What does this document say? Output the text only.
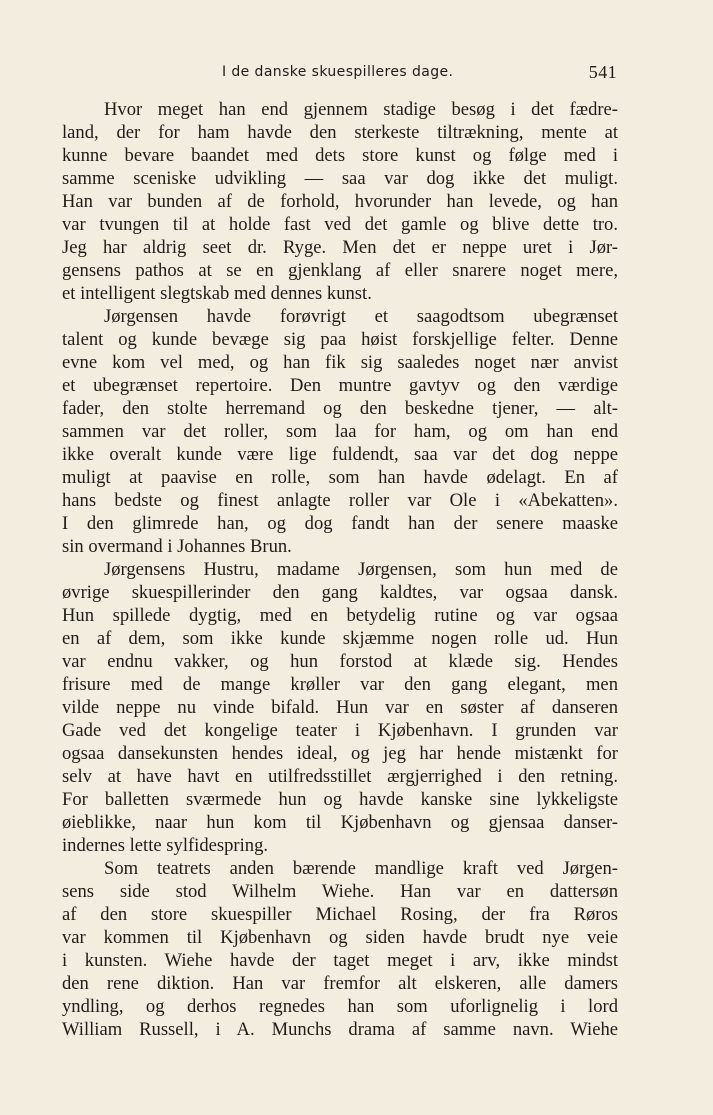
I de danske skuespilleres dage.	541
Hvor meget han end gjennem stadige besøg i det fædre-
land, der for ham havde den sterkeste tiltrækning, mente at
kunne bevare baandet med dets store kunst og følge med i
samme sceniske udvikling — saa var dog ikke det muligt.
Han var bunden af de forhold, hvorunder han levede, og han
var tvungen til at holde fast ved det gamle og blive dette tro.
Jeg har aldrig seet dr. Ryge. Men det er neppe uret i Jør-
gensens pathos at se en gjenklang af eller snarere noget mere,
et intelligent slegtskab med dennes kunst.
Jørgensen havde forøvrigt et saagodtsom ubegrænset
talent og kunde bevæge sig paa høist forskjellige felter. Denne
evne kom vel med, og han fik sig saaledes noget nær anvist
et ubegrænset repertoire. Den muntre gavtyv og den værdige
fader, den stolte herremand og den beskedne tjener, — alt-
sammen var det roller, som laa for ham, og om han end
ikke overalt kunde være lige fuldendt, saa var det dog neppe
muligt at paavise en rolle, som han havde ødelagt. En af
hans bedste og finest anlagte roller var Ole i «Abekatten».
I den glimrede han, og dog fandt han der senere maaske
sin overmand i Johannes Brun.
Jørgensens Hustru, madame Jørgensen, som hun med de
øvrige skuespillerinder den gang kaldtes, var ogsaa dansk.
Hun spillede dygtig, med en betydelig rutine og var ogsaa
en af dem, som ikke kunde skjæmme nogen rolle ud. Hun
var endnu vakker, og hun forstod at klæde sig. Hendes
frisure med de mange krøller var den gang elegant, men
vilde neppe nu vinde bifald. Hun var en søster af danseren
Gade ved det kongelige teater i Kjøbenhavn. I grunden var
ogsaa dansekunsten hendes ideal, og jeg har hende mistænkt for
selv at have havt en utilfredsstillet ærgjerrighed i den retning.
For balletten sværmede hun og havde kanske sine lykkeligste
øieblikke, naar hun kom til Kjøbenhavn og gjensaa danser-
indernes lette sylfidespring.
Som teatrets anden bærende mandlige kraft ved Jørgen-
sens side stod Wilhelm Wiehe. Han var en dattersøn
af den store skuespiller Michael Rosing, der fra Røros
var kommen til Kjøbenhavn og siden havde brudt nye veie
i kunsten. Wiehe havde der taget meget i arv, ikke mindst
den rene diktion. Han var fremfor alt elskeren, alle damers
yndling, og derhos regnedes han som uforlignelig i lord
William Russell, i A. Munchs drama af samme navn. Wiehe
